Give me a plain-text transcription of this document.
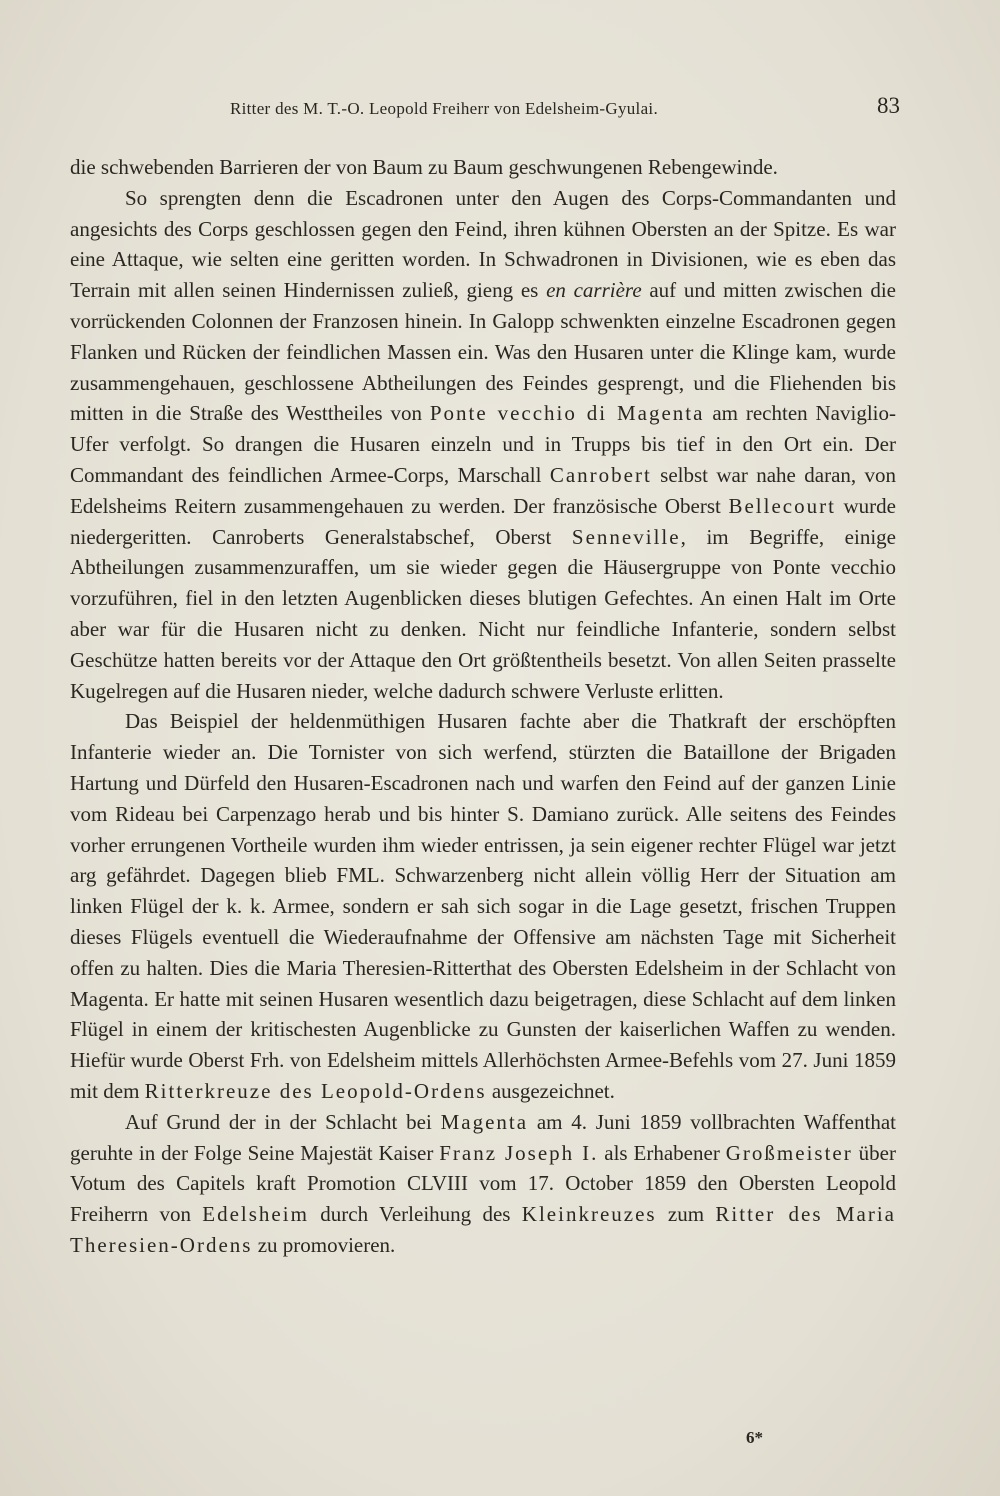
Ritter des M. T.-O. Leopold Freiherr von Edelsheim-Gyulai.	83

die schwebenden Barrieren der von Baum zu Baum geschwungenen Rebengewinde.

So sprengten denn die Escadronen unter den Augen des Corps-Commandanten und angesichts des Corps geschlossen gegen den Feind, ihren kühnen Obersten an der Spitze. Es war eine Attaque, wie selten eine geritten worden. In Schwadronen in Divisionen, wie es eben das Terrain mit allen seinen Hindernissen zuließ, gieng es en carrière auf und mitten zwischen die vorrückenden Colonnen der Franzosen hinein. In Galopp schwenkten einzelne Escadronen gegen Flanken und Rücken der feindlichen Massen ein. Was den Husaren unter die Klinge kam, wurde zusammengehauen, geschlossene Abtheilungen des Feindes gesprengt, und die Fliehenden bis mitten in die Straße des Westtheiles von Ponte vecchio di Magenta am rechten Naviglio-Ufer verfolgt. So drangen die Husaren einzeln und in Trupps bis tief in den Ort ein. Der Commandant des feindlichen Armee-Corps, Marschall Canrobert selbst war nahe daran, von Edelsheims Reitern zusammengehauen zu werden. Der französische Oberst Bellecourt wurde niedergeritten. Canroberts Generalstabschef, Oberst Senneville, im Begriffe, einige Abtheilungen zusammenzuraffen, um sie wieder gegen die Häusergruppe von Ponte vecchio vorzuführen, fiel in den letzten Augenblicken dieses blutigen Gefechtes. An einen Halt im Orte aber war für die Husaren nicht zu denken. Nicht nur feindliche Infanterie, sondern selbst Geschütze hatten bereits vor der Attaque den Ort größtentheils besetzt. Von allen Seiten prasselte Kugelregen auf die Husaren nieder, welche dadurch schwere Verluste erlitten.

Das Beispiel der heldenmüthigen Husaren fachte aber die Thatkraft der erschöpften Infanterie wieder an. Die Tornister von sich werfend, stürzten die Bataillone der Brigaden Hartung und Dürfeld den Husaren-Escadronen nach und warfen den Feind auf der ganzen Linie vom Rideau bei Carpenzago herab und bis hinter S. Damiano zurück. Alle seitens des Feindes vorher errungenen Vortheile wurden ihm wieder entrissen, ja sein eigener rechter Flügel war jetzt arg gefährdet. Dagegen blieb FML. Schwarzenberg nicht allein völlig Herr der Situation am linken Flügel der k. k. Armee, sondern er sah sich sogar in die Lage gesetzt, frischen Truppen dieses Flügels eventuell die Wiederaufnahme der Offensive am nächsten Tage mit Sicherheit offen zu halten. Dies die Maria Theresien-Ritterthat des Obersten Edelsheim in der Schlacht von Magenta. Er hatte mit seinen Husaren wesentlich dazu beigetragen, diese Schlacht auf dem linken Flügel in einem der kritischesten Augenblicke zu Gunsten der kaiserlichen Waffen zu wenden. Hiefür wurde Oberst Frh. von Edelsheim mittels Allerhöchsten Armee-Befehls vom 27. Juni 1859 mit dem Ritterkreuze des Leopold-Ordens ausgezeichnet.

Auf Grund der in der Schlacht bei Magenta am 4. Juni 1859 vollbrachten Waffenthat geruhte in der Folge Seine Majestät Kaiser Franz Joseph I. als Erhabener Großmeister über Votum des Capitels kraft Promotion CLVIII vom 17. October 1859 den Obersten Leopold Freiherrn von Edelsheim durch Verleihung des Kleinkreuzes zum Ritter des Maria Theresien-Ordens zu promovieren.

6*
